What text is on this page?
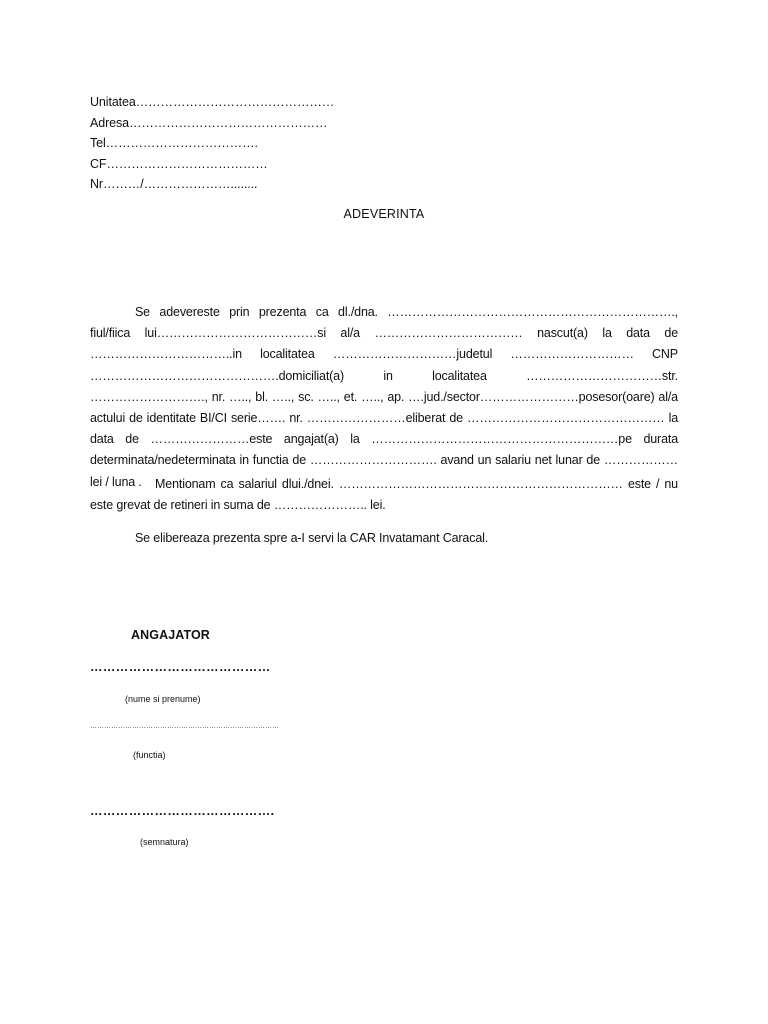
Unitatea…………………………………………
Adresa…………………………………………
Tel……………………………….
CF…………………………………
Nr………/…………………........
ADEVERINTA
Se adevereste prin prezenta ca dl./dna. ……………………………………………………………., fiul/fiica lui…………………………………si al/a ……………………………… nascut(a) la data de ……………………………..in localitatea …………………………judetul ………………………… CNP ……………………………………….domiciliat(a) in localitatea ……………………………str. ………………………., nr. ….., bl. ….., sc. ….., et. ….., ap. ….jud./sector……………………posesor(oare) al/a actului de identitate BI/CI serie……. nr. ……………………eliberat de ………………………………………… la data de ……………………este angajat(a) la ……………………………………………………pe durata determinata/nedeterminata in functia de …………………………. avand un salariu net lunar de ……………… lei / luna .	Mentionam ca salariul dlui./dnei. …………………………………………………………… este / nu este grevat de retineri in suma de ………………….. lei.
Se elibereaza prezenta spre a-I servi la CAR Invatamant Caracal.
ANGAJATOR
……………………………………
(nume si prenume)
………………………………………………………………………
(functia)
…………………………………….
(semnatura)
